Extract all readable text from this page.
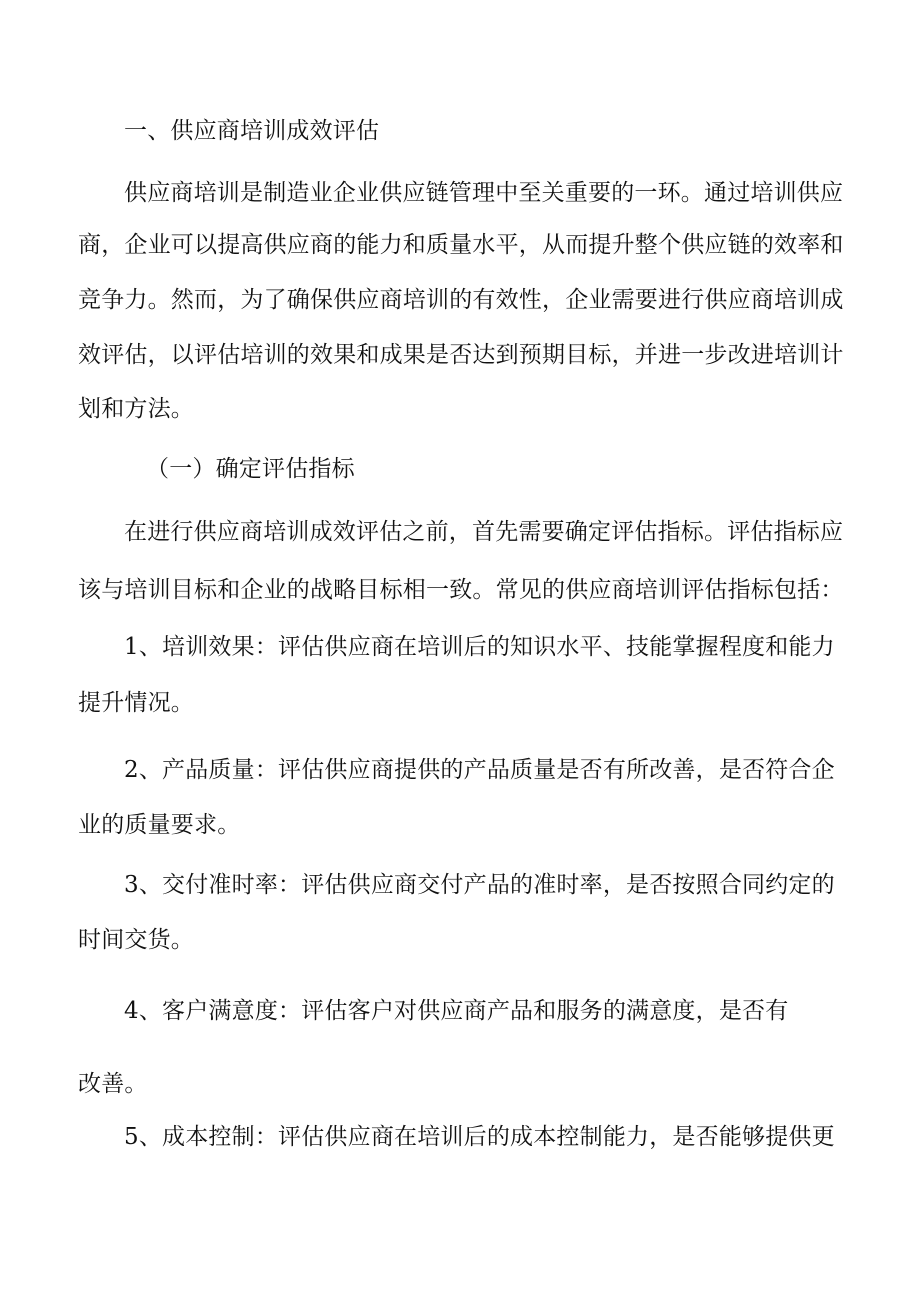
一、供应商培训成效评估
供应商培训是制造业企业供应链管理中至关重要的一环。通过培训供应
商，企业可以提高供应商的能力和质量水平，从而提升整个供应链的效率和
竞争力。然而，为了确保供应商培训的有效性，企业需要进行供应商培训成
效评估，以评估培训的效果和成果是否达到预期目标，并进一步改进培训计
划和方法。
（一）确定评估指标
在进行供应商培训成效评估之前，首先需要确定评估指标。评估指标应
该与培训目标和企业的战略目标相一致。常见的供应商培训评估指标包括：
1、培训效果：评估供应商在培训后的知识水平、技能掌握程度和能力
提升情况。
2、产品质量：评估供应商提供的产品质量是否有所改善，是否符合企
业的质量要求。
3、交付准时率：评估供应商交付产品的准时率，是否按照合同约定的
时间交货。
4、客户满意度：评估客户对供应商产品和服务的满意度，是否有
改善。
5、成本控制：评估供应商在培训后的成本控制能力，是否能够提供更
